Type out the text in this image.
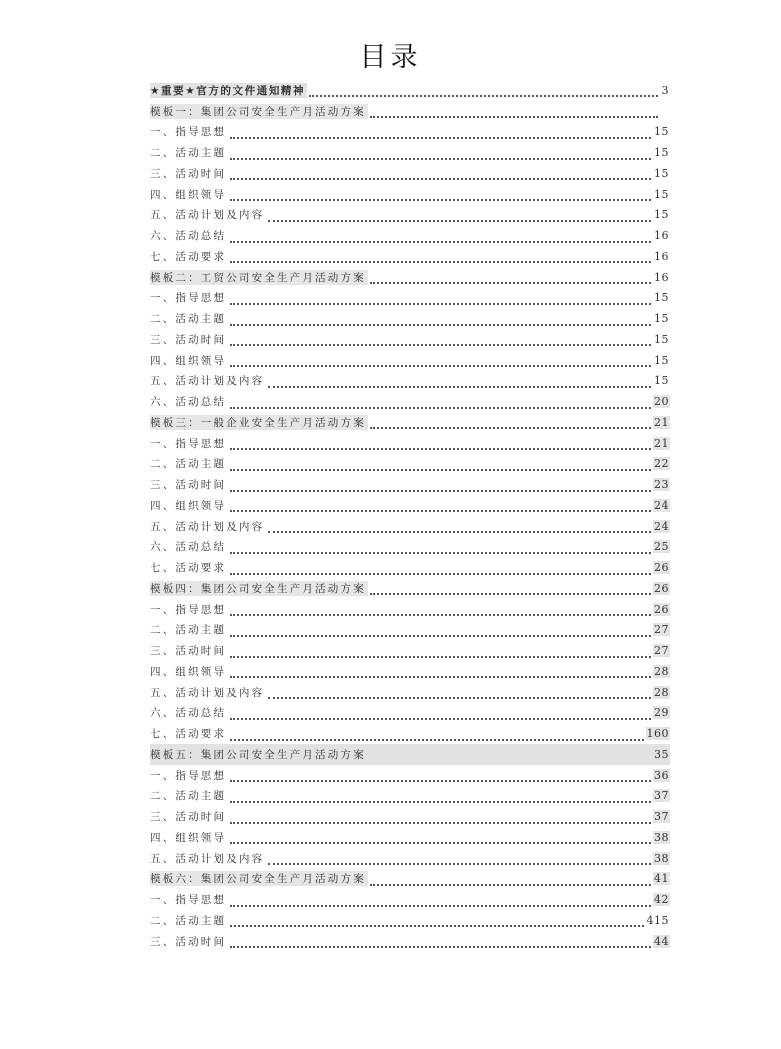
目录
★重要★官方的文件通知精神	3
模板一：集团公司安全生产月活动方案
一、指导思想	15
二、活动主题	15
三、活动时间	15
四、组织领导	15
五、活动计划及内容	15
六、活动总结	16
七、活动要求	16
模板二：工贸公司安全生产月活动方案	16
一、指导思想	15
二、活动主题	15
三、活动时间	15
四、组织领导	15
五、活动计划及内容	15
六、活动总结	20
模板三：一般企业安全生产月活动方案	21
一、指导思想	21
二、活动主题	22
三、活动时间	23
四、组织领导	24
五、活动计划及内容	24
六、活动总结	25
七、活动要求	26
模板四：集团公司安全生产月活动方案	26
一、指导思想	26
二、活动主题	27
三、活动时间	27
四、组织领导	28
五、活动计划及内容	28
六、活动总结	29
七、活动要求	160
模板五：集团公司安全生产月活动方案	35
一、指导思想	36
二、活动主题	37
三、活动时间	37
四、组织领导	38
五、活动计划及内容	38
模板六：集团公司安全生产月活动方案	41
一、指导思想	42
二、活动主题	415
三、活动时间	44
